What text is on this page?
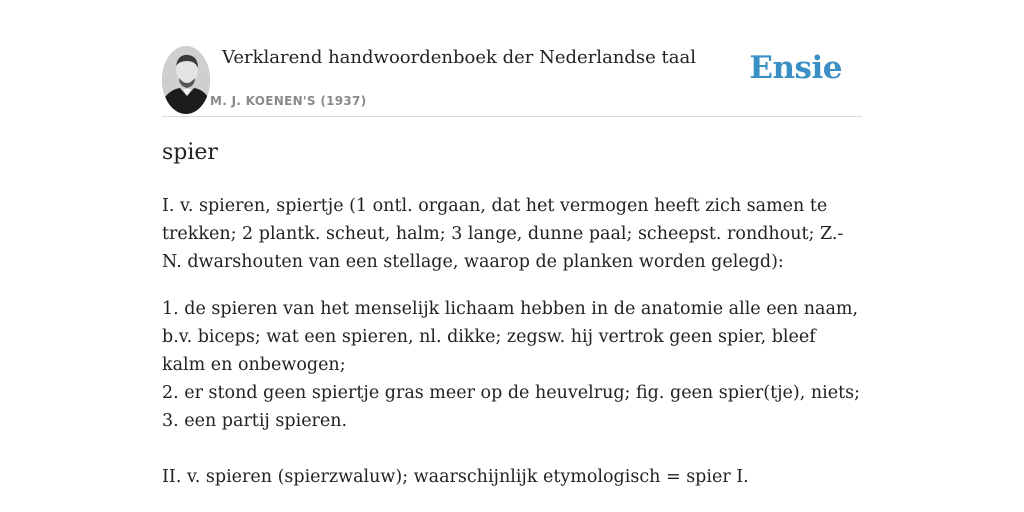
Verklarend handwoordenboek der Nederlandse taal
M. J. KOENEN'S (1937)
Ensie
spier

I. v. spieren, spiertje (1 ontl. orgaan, dat het vermogen heeft zich samen te trekken; 2 plantk. scheut, halm; 3 lange, dunne paal; scheepst. rondhout; Z.-N. dwarshouten van een stellage, waarop de planken worden gelegd):

1. de spieren van het menselijk lichaam hebben in de anatomie alle een naam, b.v. biceps; wat een spieren, nl. dikke; zegsw. hij vertrok geen spier, bleef kalm en onbewogen;
2. er stond geen spiertje gras meer op de heuvelrug; fig. geen spier(tje), niets;
3. een partij spieren.

II. v. spieren (spierzwaluw); waarschijnlijk etymologisch = spier I.
